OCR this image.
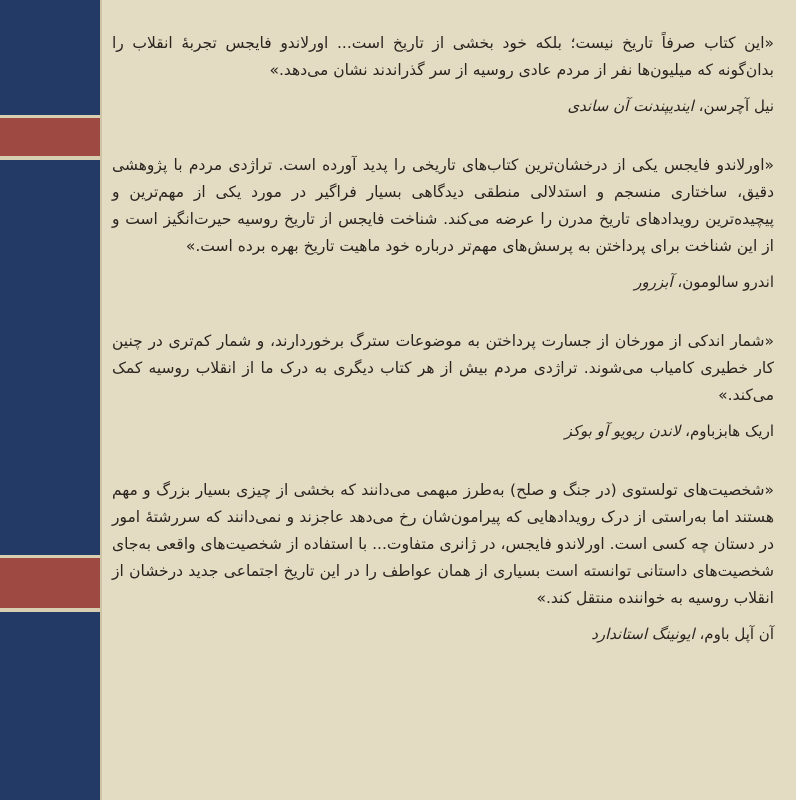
«این کتاب صرفاً تاریخ نیست؛ بلکه خود بخشی از تاریخ است... اورلاندو فایجس تجربهٔ انقلاب را بدان‌گونه که میلیون‌ها نفر از مردم عادی روسیه از سر گذراندند نشان می‌دهد.»

نیل آچرسن، ایندیپندنت آن ساندی

«اورلاندو فایجس یکی از درخشان‌ترین کتاب‌های تاریخی را پدید آورده است. تراژدی مردم با پژوهشی دقیق، ساختاری منسجم و استدلالی منطقی دیدگاهی بسیار فراگیر در مورد یکی از مهم‌ترین و پیچیده‌ترین رویدادهای تاریخ مدرن را عرضه می‌کند. شناخت فایجس از تاریخ روسیه حیرت‌انگیز است و از این شناخت برای پرداختن به پرسش‌های مهم‌تر درباره خود ماهیت تاریخ بهره برده است.»

اندرو سالومون، آبزرور

«شمار اندکی از مورخان از جسارت پرداختن به موضوعات سترگ برخوردارند، و شمار کم‌تری در چنین کار خطیری کامیاب می‌شوند. تراژدی مردم بیش از هر کتاب دیگری به درک ما از انقلاب روسیه کمک می‌کند.»

اریک هابزباوم، لاندن ریویو آو بوکز

«شخصیت‌های تولستوی (در جنگ و صلح) به‌طرز مبهمی می‌دانند که بخشی از چیزی بسیار بزرگ و مهم هستند اما به‌راستی از درک رویدادهایی که پیرامون‌شان رخ می‌دهد عاجزند و نمی‌دانند که سررشتهٔ امور در دستان چه کسی است. اورلاندو فایجس، در ژانری متفاوت... با استفاده از شخصیت‌های واقعی به‌جای شخصیت‌های داستانی توانسته است بسیاری از همان عواطف را در این تاریخ اجتماعی جدید درخشان از انقلاب روسیه به خواننده منتقل کند.»

آن آپل باوم، ایونینگ استاندارد
